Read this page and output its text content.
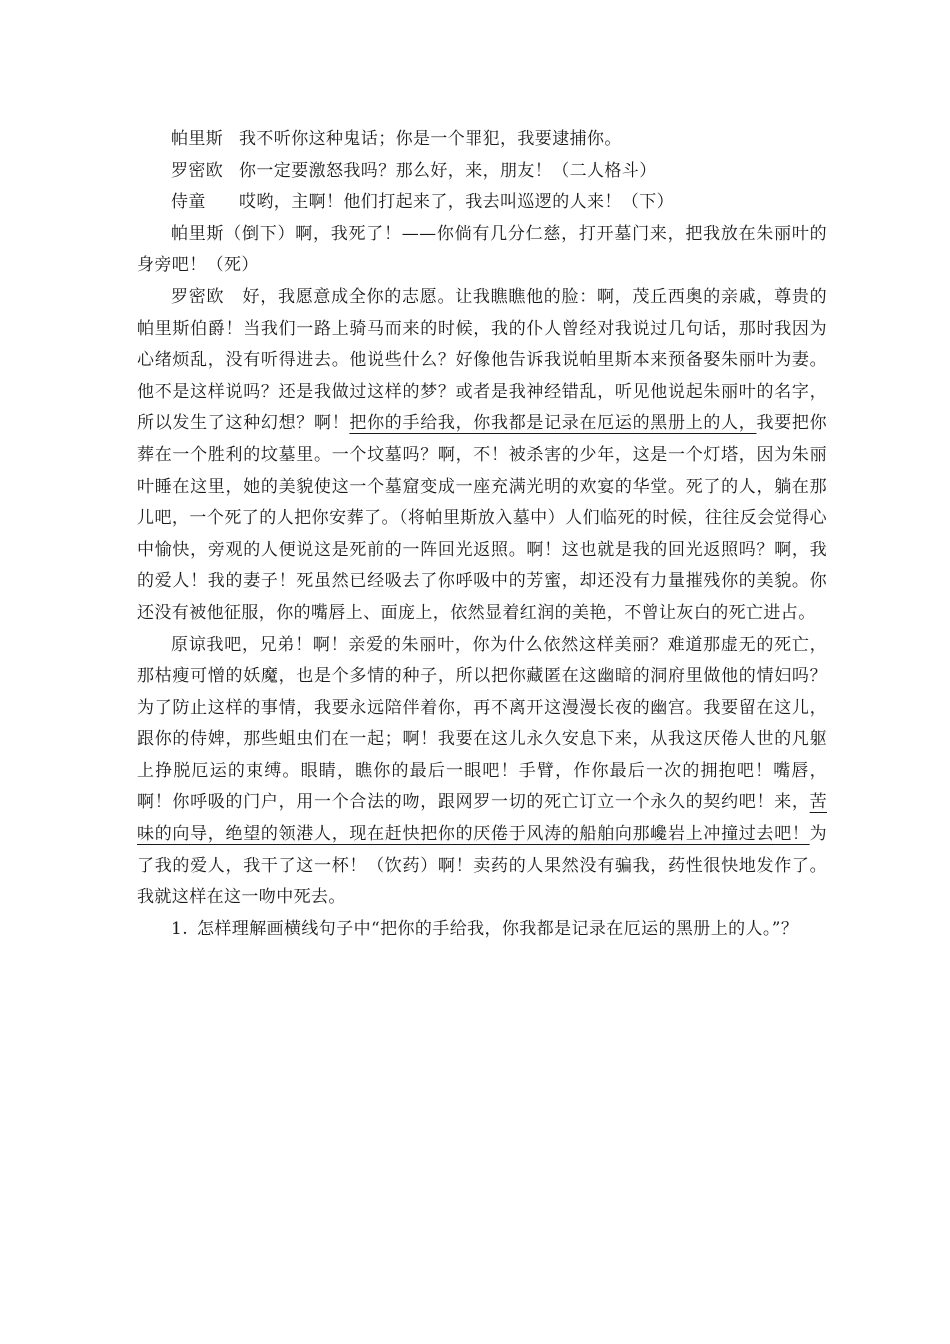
帕里斯 我不听你这种鬼话；你是一个罪犯，我要逮捕你。

罗密欧 你一定要激怒我吗？那么好，来，朋友！（二人格斗）

侍童 哎哟，主啊！他们打起来了，我去叫巡逻的人来！（下）

帕里斯（倒下）啊，我死了！——你倘有几分仁慈，打开墓门来，把我放在朱丽叶的身旁吧！（死）

罗密欧 好，我愿意成全你的志愿。让我瞧瞧他的脸：啊，茂丘西奥的亲戚，尊贵的帕里斯伯爵！当我们一路上骑马而来的时候，我的仆人曾经对我说过几句话，那时我因为心绪烦乱，没有听得进去。他说些什么？好像他告诉我说帕里斯本来预备娶朱丽叶为妻。他不是这样说吗？还是我做过这样的梦？或者是我神经错乱，听见他说起朱丽叶的名字，所以发生了这种幻想？啊！把你的手给我，你我都是记录在厄运的黑册上的人，我要把你葬在一个胜利的坟墓里。一个坟墓吗？啊，不！被杀害的少年，这是一个灯塔，因为朱丽叶睡在这里，她的美貌使这一个墓窟变成一座充满光明的欢宴的华堂。死了的人，躺在那儿吧，一个死了的人把你安葬了。（将帕里斯放入墓中）人们临死的时候，往往反会觉得心中愉快，旁观的人便说这是死前的一阵回光返照。啊！这也就是我的回光返照吗？啊，我的爱人！我的妻子！死虽然已经吸去了你呼吸中的芳蜜，却还没有力量摧残你的美貌。你还没有被他征服，你的嘴唇上、面庞上，依然显着红润的美艳，不曾让灰白的死亡进占。

原谅我吧，兄弟！啊！亲爱的朱丽叶，你为什么依然这样美丽？难道那虚无的死亡，那枯瘦可憎的妖魔，也是个多情的种子，所以把你藏匿在这幽暗的洞府里做他的情妇吗？为了防止这样的事情，我要永远陪伴着你，再不离开这漫漫长夜的幽宫。我要留在这儿，跟你的侍婢，那些蛆虫们在一起；啊！我要在这儿永久安息下来，从我这厌倦人世的凡躯上挣脱厄运的束缚。眼睛，瞧你的最后一眼吧！手臂，作你最后一次的拥抱吧！嘴唇，啊！你呼吸的门户，用一个合法的吻，跟网罗一切的死亡订立一个永久的契约吧！来，苦味的向导，绝望的领港人，现在赶快把你的厌倦于风涛的船舶向那巉岩上冲撞过去吧！为了我的爱人，我干了这一杯！（饮药）啊！卖药的人果然没有骗我，药性很快地发作了。我就这样在这一吻中死去。

1. 怎样理解画横线句子中“把你的手给我，你我都是记录在厄运的黑册上的人。”？
